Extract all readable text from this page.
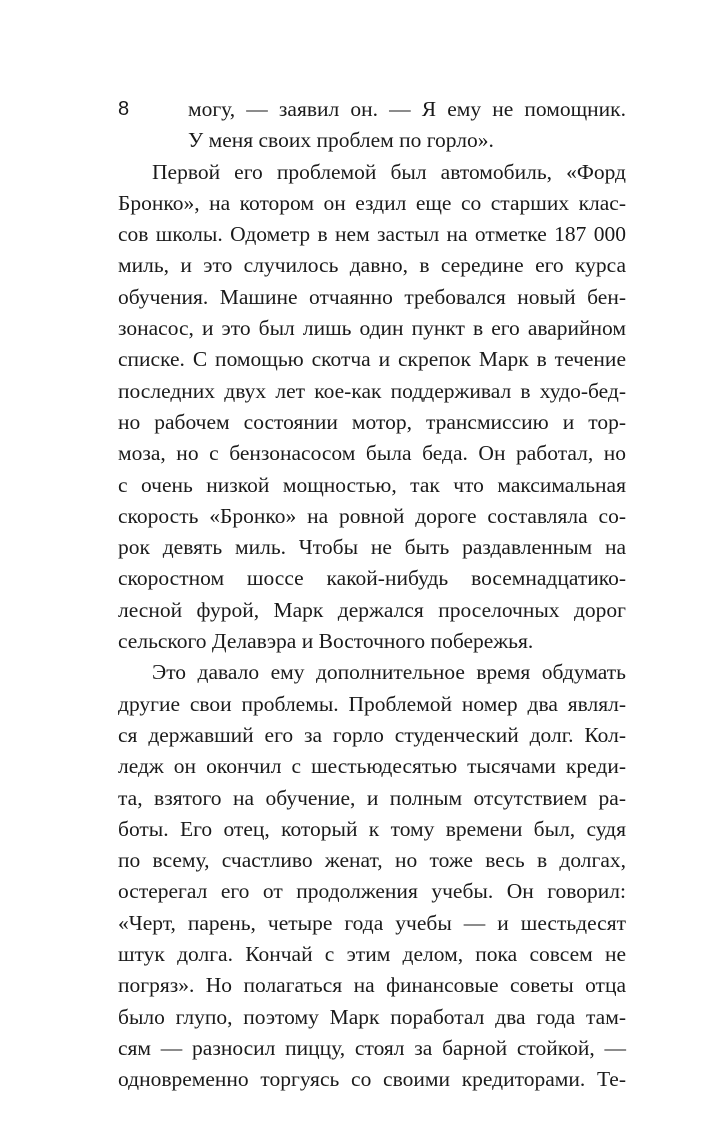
8	могу, — заявил он. — Я ему не помощник.
У меня своих проблем по горло».
Первой его проблемой был автомобиль, «Форд
Бронко», на котором он ездил еще со старших клас-
сов школы. Одометр в нем застыл на отметке 187 000
миль, и это случилось давно, в середине его курса
обучения. Машине отчаянно требовался новый бен-
зонасос, и это был лишь один пункт в его аварийном
списке. С помощью скотча и скрепок Марк в течение
последних двух лет кое-как поддерживал в худо-бед-
но рабочем состоянии мотор, трансмиссию и тор-
моза, но с бензонасосом была беда. Он работал, но
с очень низкой мощностью, так что максимальная
скорость «Бронко» на ровной дороге составляла со-
рок девять миль. Чтобы не быть раздавленным на
скоростном шоссе какой-нибудь восемнадцатико-
лесной фурой, Марк держался проселочных дорог
сельского Делавэра и Восточного побережья.
Это давало ему дополнительное время обдумать
другие свои проблемы. Проблемой номер два являл-
ся державший его за горло студенческий долг. Кол-
ледж он окончил с шестьюдесятью тысячами креди-
та, взятого на обучение, и полным отсутствием ра-
боты. Его отец, который к тому времени был, судя
по всему, счастливо женат, но тоже весь в долгах,
остерегал его от продолжения учебы. Он говорил:
«Черт, парень, четыре года учебы — и шестьдесят
штук долга. Кончай с этим делом, пока совсем не
погряз». Но полагаться на финансовые советы отца
было глупо, поэтому Марк поработал два года там-
сям — разносил пиццу, стоял за барной стойкой, —
одновременно торгуясь со своими кредиторами. Те-
